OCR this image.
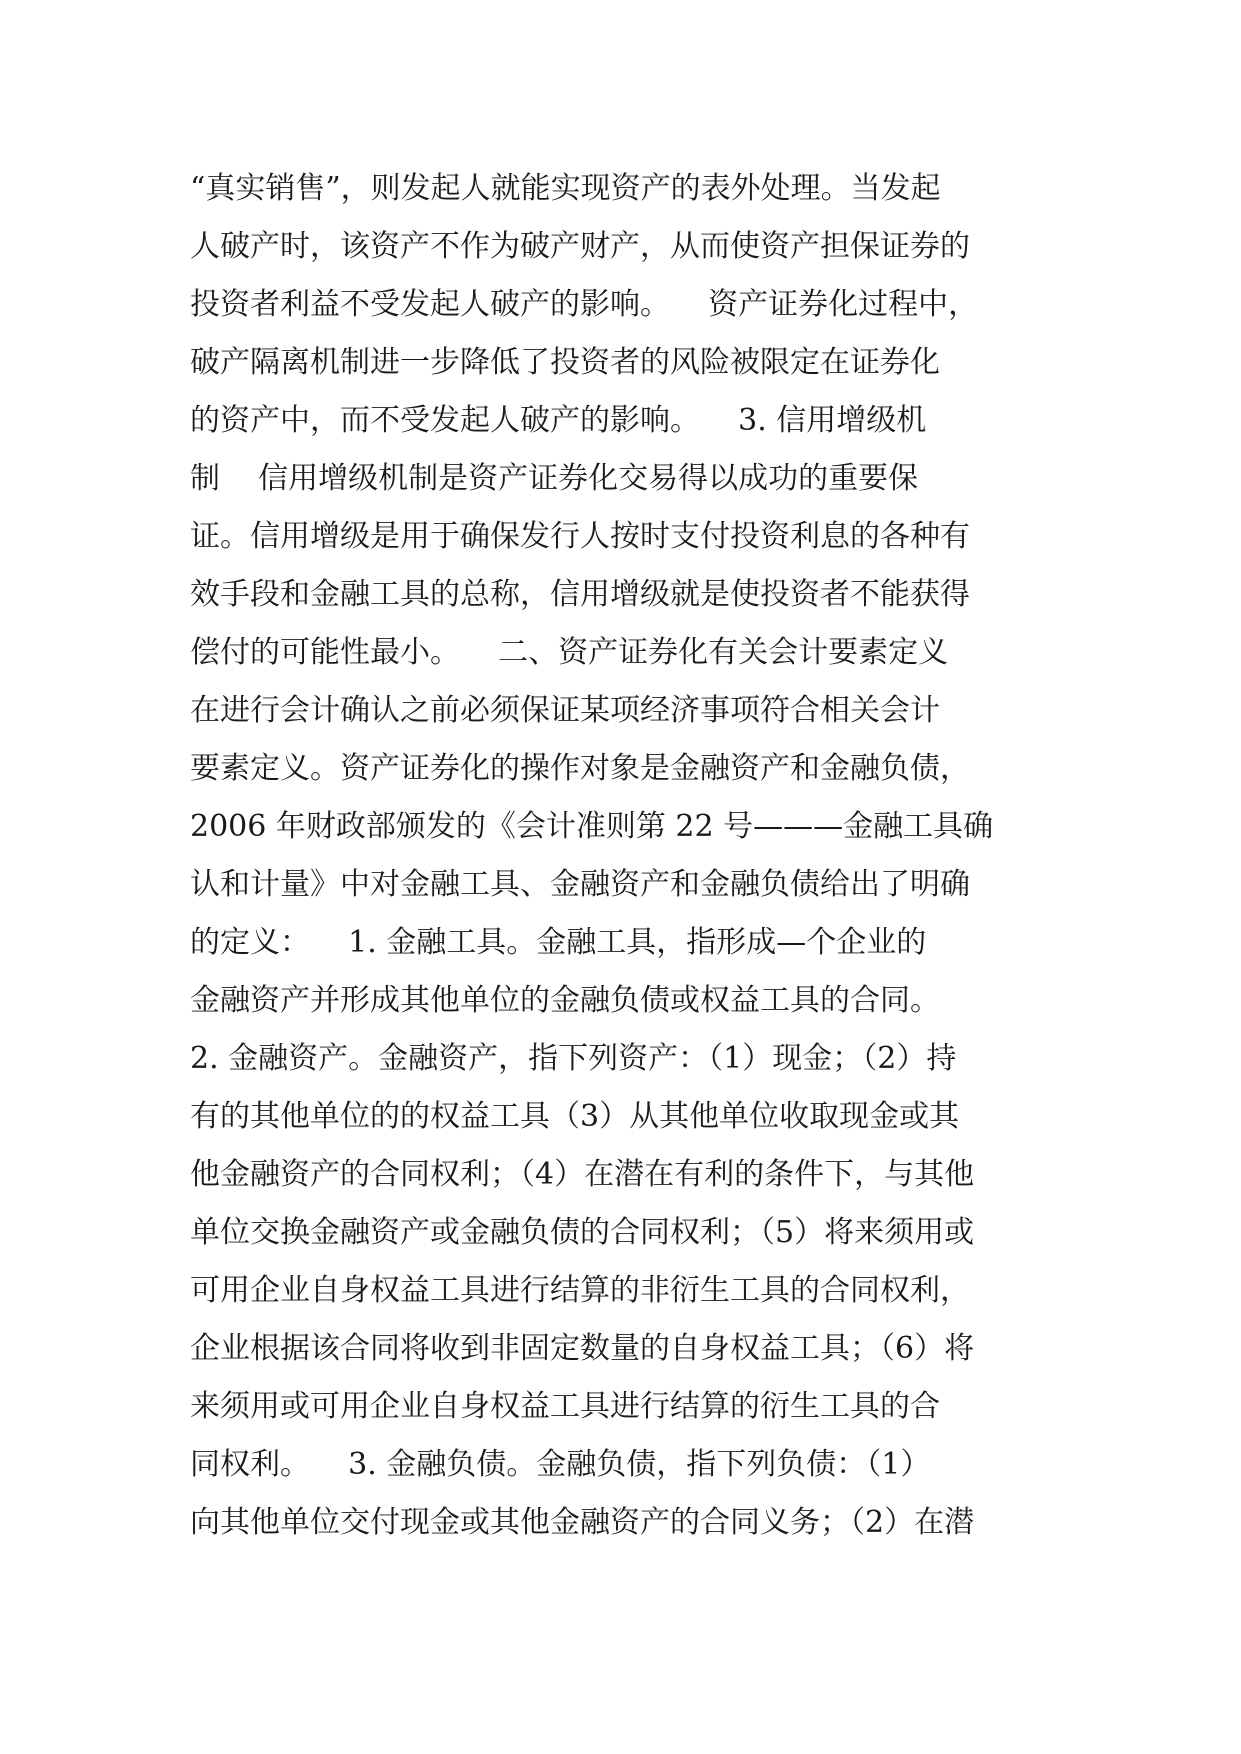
“真实销售”，则发起人就能实现资产的表外处理。当发起
人破产时，该资产不作为破产财产，从而使资产担保证券的
投资者利益不受发起人破产的影响。    资产证券化过程中，
破产隔离机制进一步降低了投资者的风险被限定在证券化
的资产中，而不受发起人破产的影响。    3. 信用增级机
制    信用增级机制是资产证券化交易得以成功的重要保
证。信用增级是用于确保发行人按时支付投资利息的各种有
效手段和金融工具的总称，信用增级就是使投资者不能获得
偿付的可能性最小。    二、资产证券化有关会计要素定义
在进行会计确认之前必须保证某项经济事项符合相关会计
要素定义。资产证券化的操作对象是金融资产和金融负债，
2006 年财政部颁发的《会计准则第 22 号———金融工具确
认和计量》中对金融工具、金融资产和金融负债给出了明确
的定义：    1. 金融工具。金融工具，指形成—个企业的
金融资产并形成其他单位的金融负债或权益工具的合同。
2. 金融资产。金融资产，指下列资产：（1）现金；（2）持
有的其他单位的的权益工具（3）从其他单位收取现金或其
他金融资产的合同权利；（4）在潜在有利的条件下，与其他
单位交换金融资产或金融负债的合同权利；（5）将来须用或
可用企业自身权益工具进行结算的非衍生工具的合同权利，
企业根据该合同将收到非固定数量的自身权益工具；（6）将
来须用或可用企业自身权益工具进行结算的衍生工具的合
同权利。    3. 金融负债。金融负债，指下列负债：（1）
向其他单位交付现金或其他金融资产的合同义务；（2）在潜
